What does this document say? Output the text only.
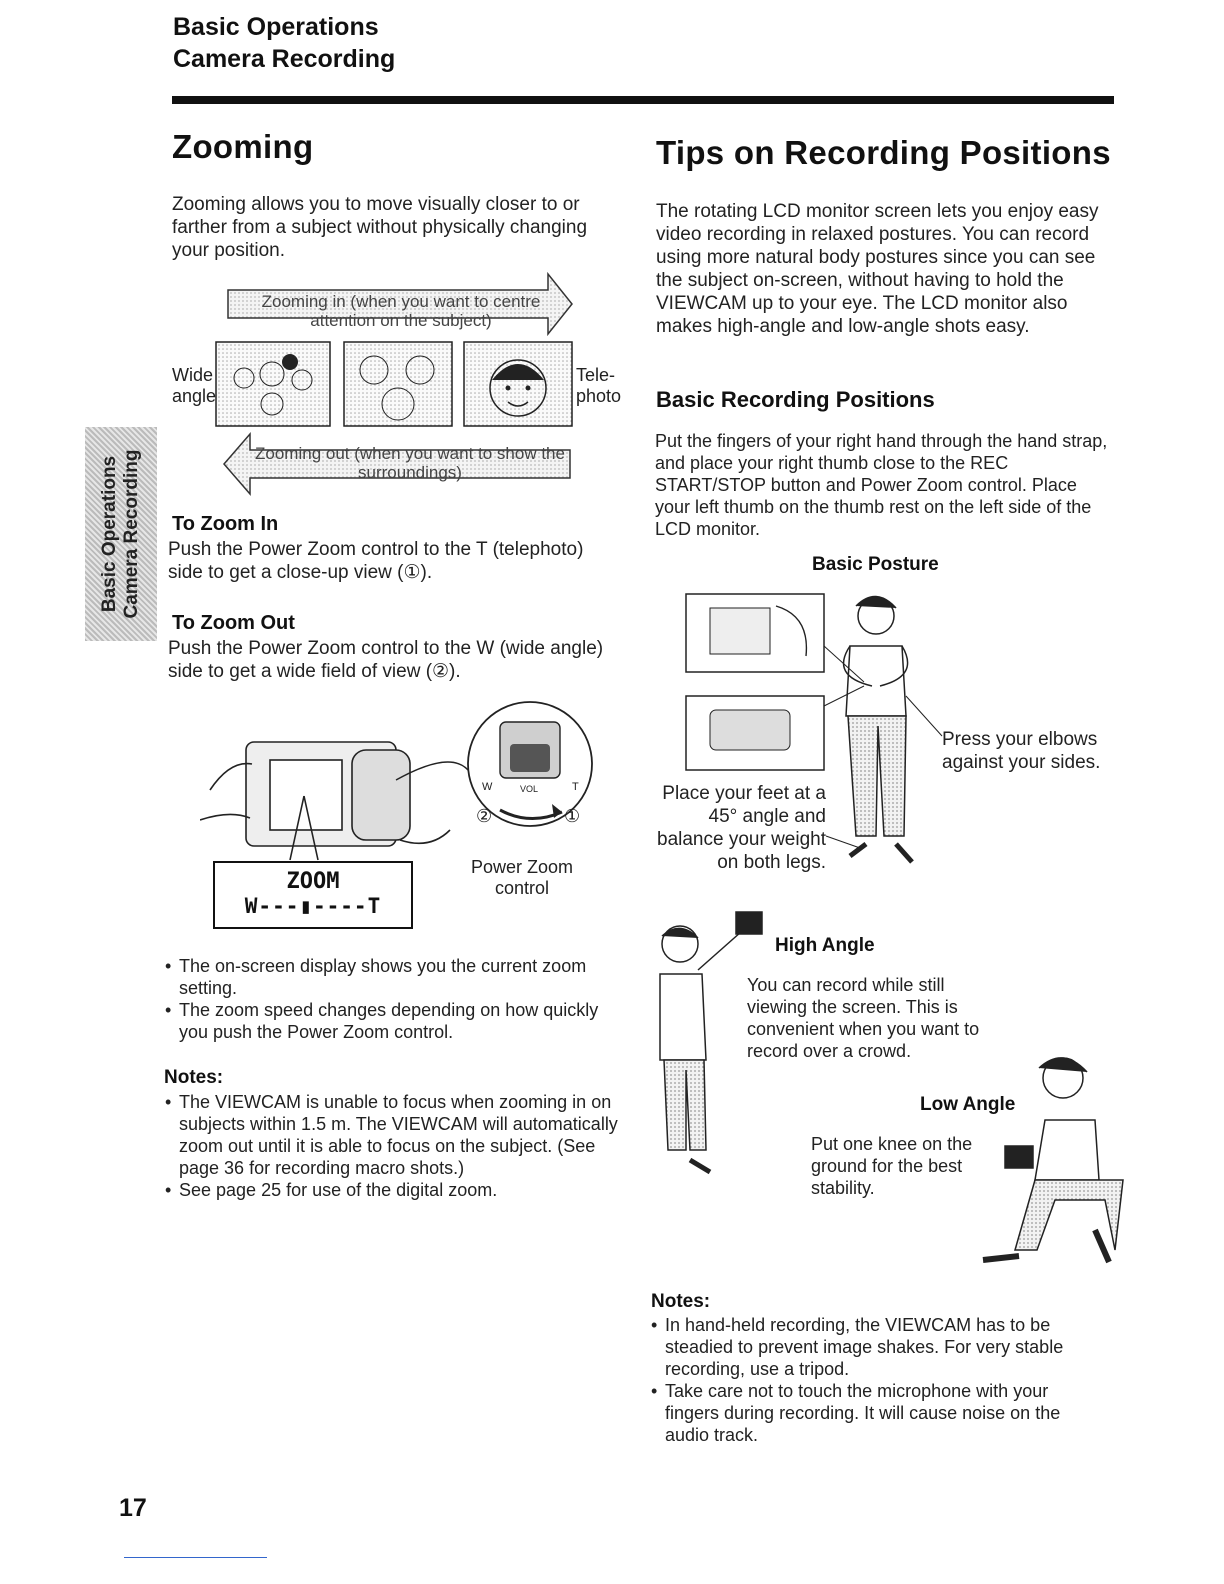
Basic Operations
Camera Recording
Basic Operations Camera Recording
Zooming
Zooming allows you to move visually closer to or farther from a subject without physically changing your position.
Zooming in (when you want to centre attention on the subject)
Wide angle
Tele-photo
Zooming out (when you want to show the surroundings)
To Zoom In
Push the Power Zoom control to the T (telephoto) side to get a close-up view (①).
To Zoom Out
Push the Power Zoom control to the W (wide angle) side to get a wide field of view (②).
W	T
VOL
②	①
ZOOM
W---▮----T
Power Zoom control
• The on-screen display shows you the current zoom setting.
• The zoom speed changes depending on how quickly you push the Power Zoom control.
Notes:
• The VIEWCAM is unable to focus when zooming in on subjects within 1.5 m. The VIEWCAM will automatically zoom out until it is able to focus on the subject. (See page 36 for recording macro shots.)
• See page 25 for use of the digital zoom.
Tips on Recording Positions
The rotating LCD monitor screen lets you enjoy easy video recording in relaxed postures. You can record using more natural body postures since you can see the subject on-screen, without having to hold the VIEWCAM up to your eye. The LCD monitor also makes high-angle and low-angle shots easy.
Basic Recording Positions
Put the fingers of your right hand through the hand strap, and place your right thumb close to the REC START/STOP button and Power Zoom control. Place your left thumb on the thumb rest on the left side of the LCD monitor.
Basic Posture
Press your elbows against your sides.
Place your feet at a 45° angle and balance your weight on both legs.
High Angle
You can record while still viewing the screen. This is convenient when you want to record over a crowd.
Low Angle
Put one knee on the ground for the best stability.
Notes:
• In hand-held recording, the VIEWCAM has to be steadied to prevent image shakes. For very stable recording, use a tripod.
• Take care not to touch the microphone with your fingers during recording. It will cause noise on the audio track.
17
